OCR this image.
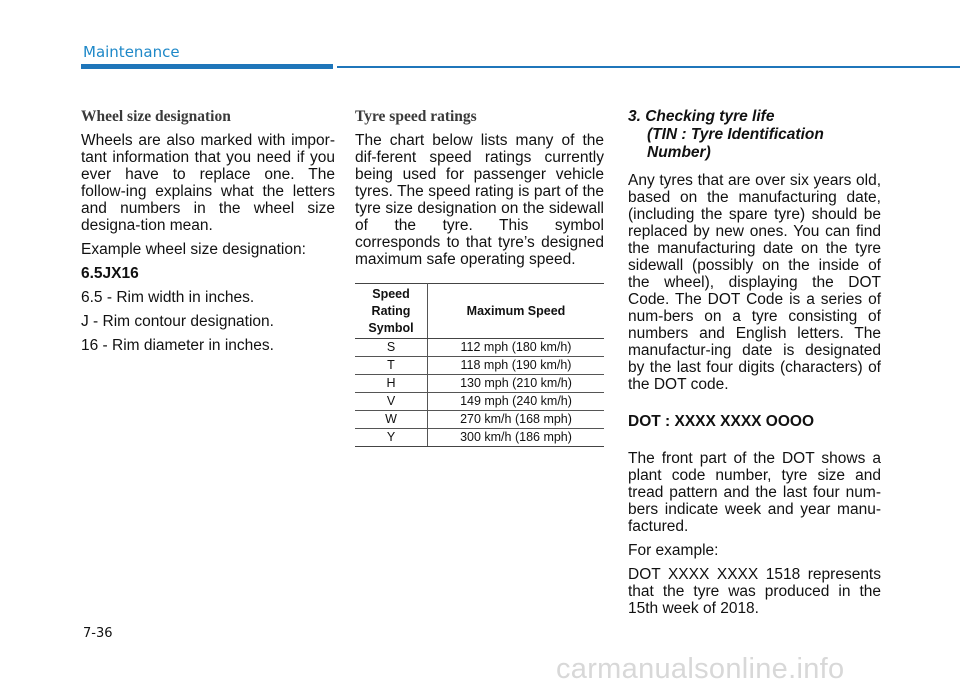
Maintenance
Wheel size designation

Wheels are also marked with impor-tant information that you need if you ever have to replace one. The follow-ing explains what the letters and numbers in the wheel size designa-tion mean.

Example wheel size designation:

6.5JX16

6.5 - Rim width in inches.

J - Rim contour designation.

16 - Rim diameter in inches.

Tyre speed ratings

The chart below lists many of the dif-ferent speed ratings currently being used for passenger vehicle tyres. The speed rating is part of the tyre size designation on the sidewall of the tyre. This symbol corresponds to that tyre’s designed maximum safe operating speed.

Speed
Rating
Symbol	Maximum Speed
S	112 mph (180 km/h)
T	118 mph (190 km/h)
H	130 mph (210 km/h)
V	149 mph (240 km/h)
W	270 km/h (168 mph)
Y	300 km/h (186 mph)
3. Checking tyre life
(TIN : Tyre Identification
Number)

Any tyres that are over six years old, based on the manufacturing date, (including the spare tyre) should be replaced by new ones. You can find the manufacturing date on the tyre sidewall (possibly on the inside of the wheel), displaying the DOT Code. The DOT Code is a series of num-bers on a tyre consisting of numbers and English letters. The manufactur-ing date is designated by the last four digits (characters) of the DOT code.

DOT : XXXX XXXX OOOO

The front part of the DOT shows a plant code number, tyre size and tread pattern and the last four num-bers indicate week and year manu-factured.

For example:

DOT XXXX XXXX 1518 represents that the tyre was produced in the 15th week of 2018.

7-36
carmanualsonline.info
